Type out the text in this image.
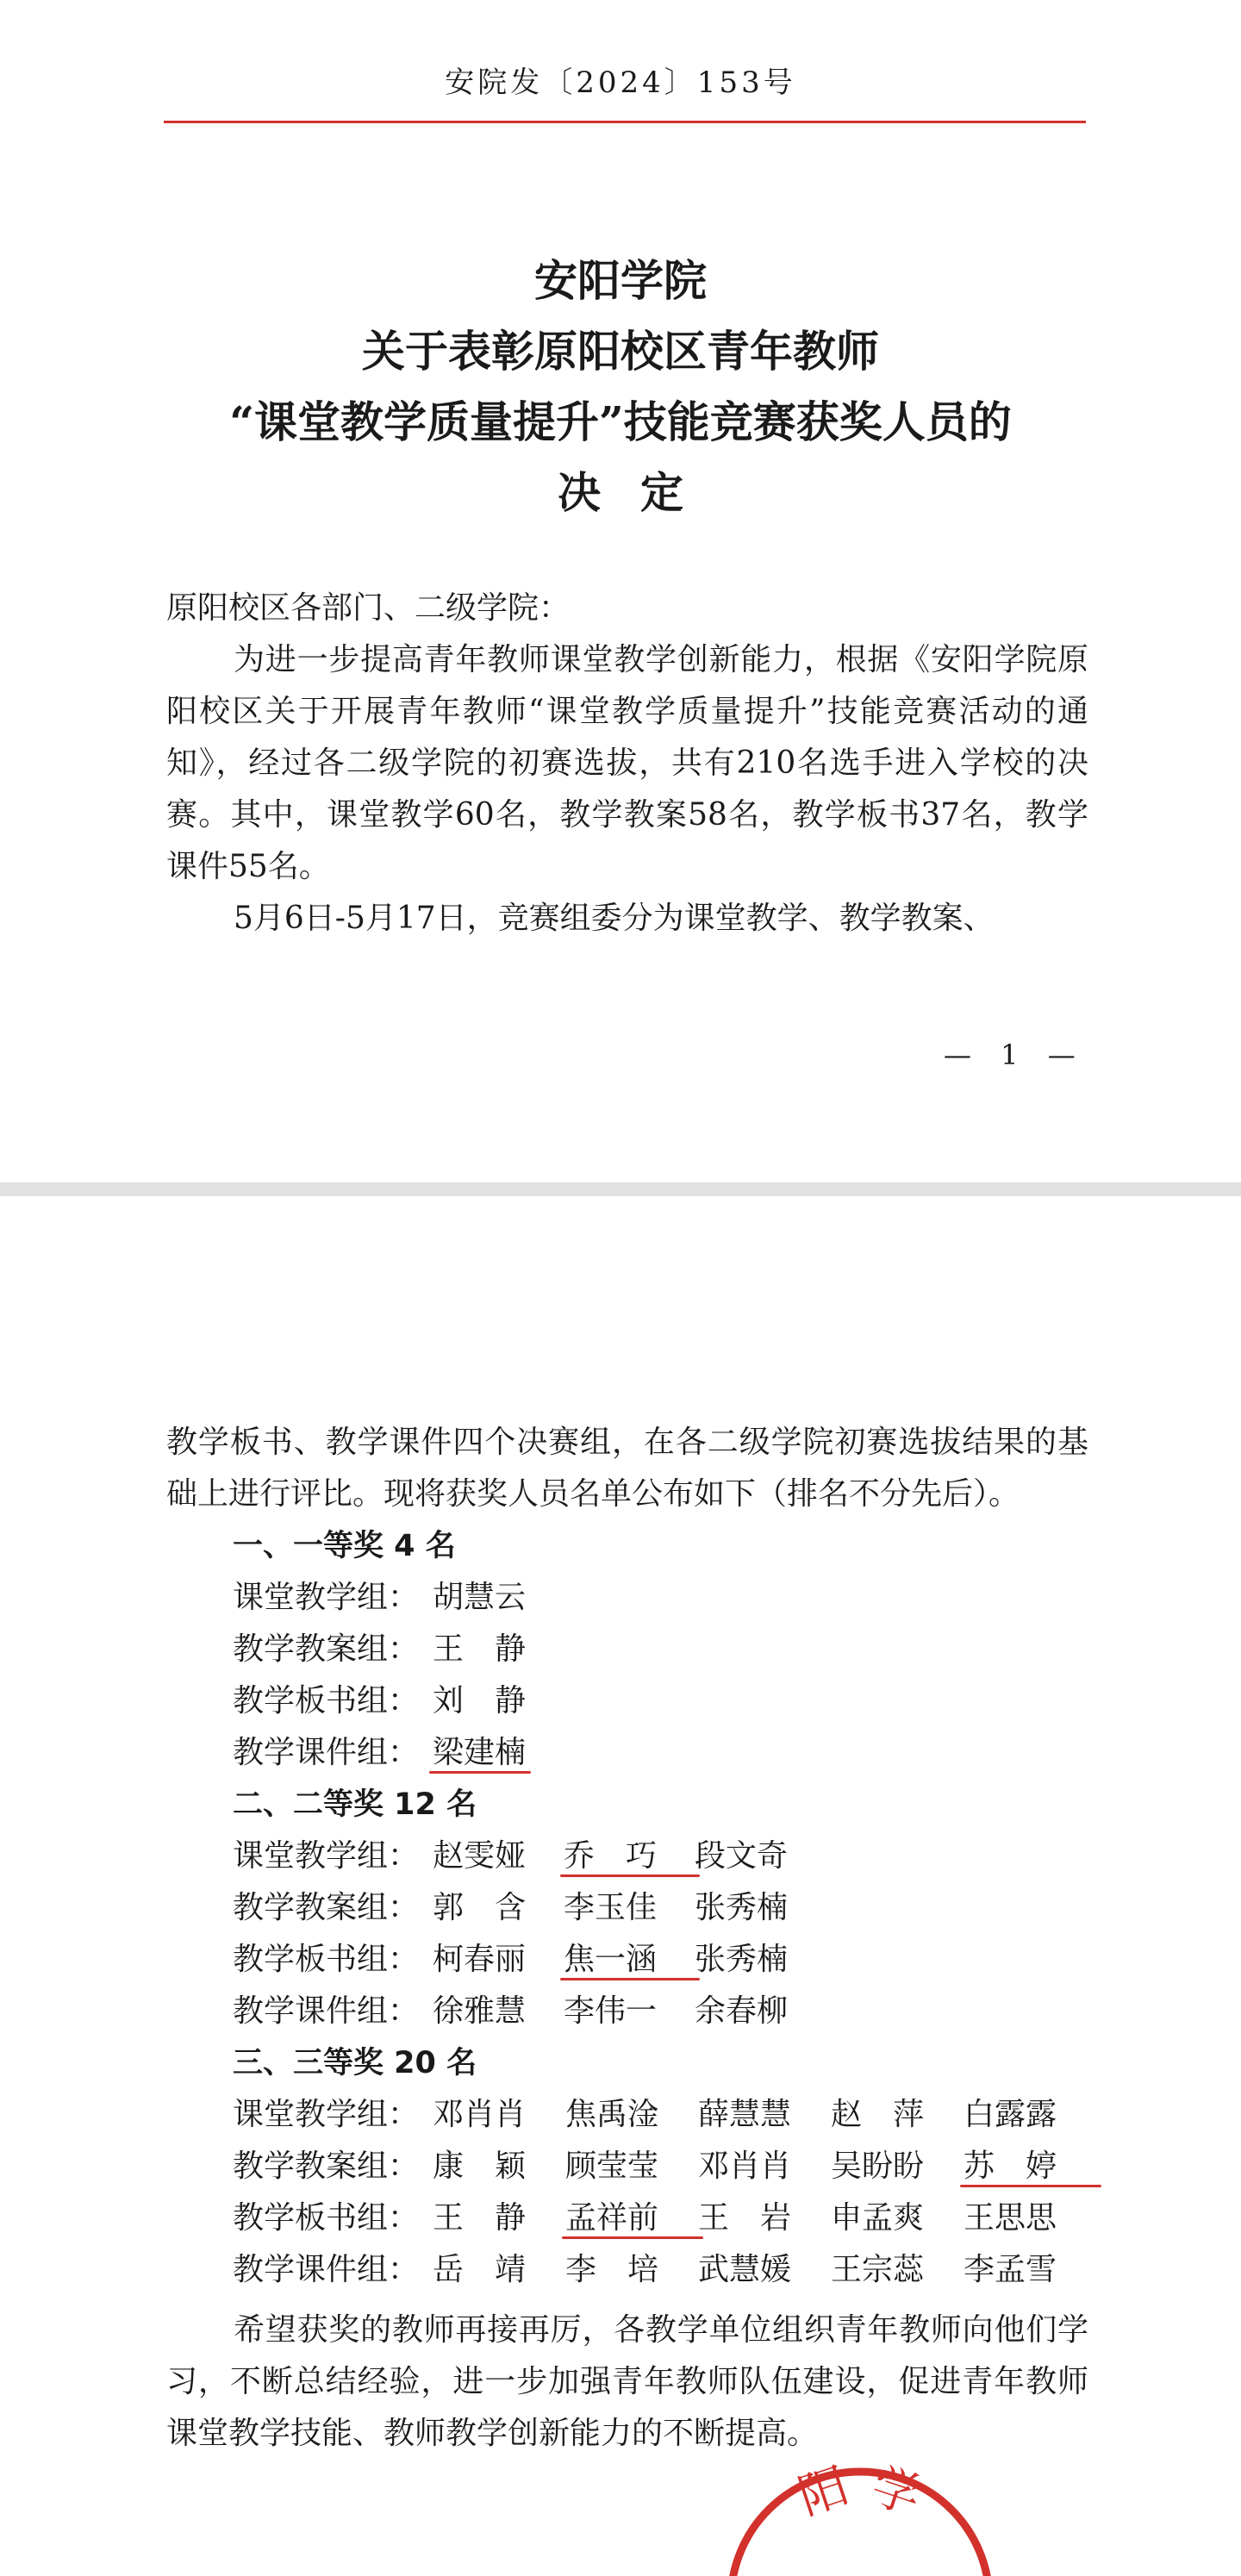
安院发〔2024〕153号
安阳学院
关于表彰原阳校区青年教师
“课堂教学质量提升”技能竞赛获奖人员的
决定
原阳校区各部门、二级学院：
为进一步提高青年教师课堂教学创新能力，根据《安阳学院原阳校区关于开展青年教师“课堂教学质量提升”技能竞赛活动的通知》，经过各二级学院的初赛选拔，共有210名选手进入学校的决赛。其中，课堂教学60名，教学教案58名，教学板书37名，教学课件55名。
5月6日-5月17日，竞赛组委分为课堂教学、教学教案、
— 1 —
教学板书、教学课件四个决赛组，在各二级学院初赛选拔结果的基础上进行评比。现将获奖人员名单公布如下（排名不分先后）。
一、一等奖 4 名
课堂教学组： 胡慧云
教学教案组： 王　静
教学板书组： 刘　静
教学课件组： 梁建楠
二、二等奖 12 名
课堂教学组： 赵雯娅 乔　巧 段文奇
教学教案组： 郭　含 李玉佳 张秀楠
教学板书组： 柯春丽 焦一涵 张秀楠
教学课件组： 徐雅慧 李伟一 余春柳
三、三等奖 20 名
课堂教学组： 邓肖肖 焦禹淦 薛慧慧 赵　萍 白露露
教学教案组： 康　颖 顾莹莹 邓肖肖 吴盼盼 苏　婷
教学板书组： 王　静 孟祥前 王　岩 申孟爽 王思思
教学课件组： 岳　靖 李　培 武慧媛 王宗蕊 李孟雪
希望获奖的教师再接再厉，各教学单位组织青年教师向他们学习，不断总结经验，进一步加强青年教师队伍建设，促进青年教师课堂教学技能、教师教学创新能力的不断提高。
阳 学
